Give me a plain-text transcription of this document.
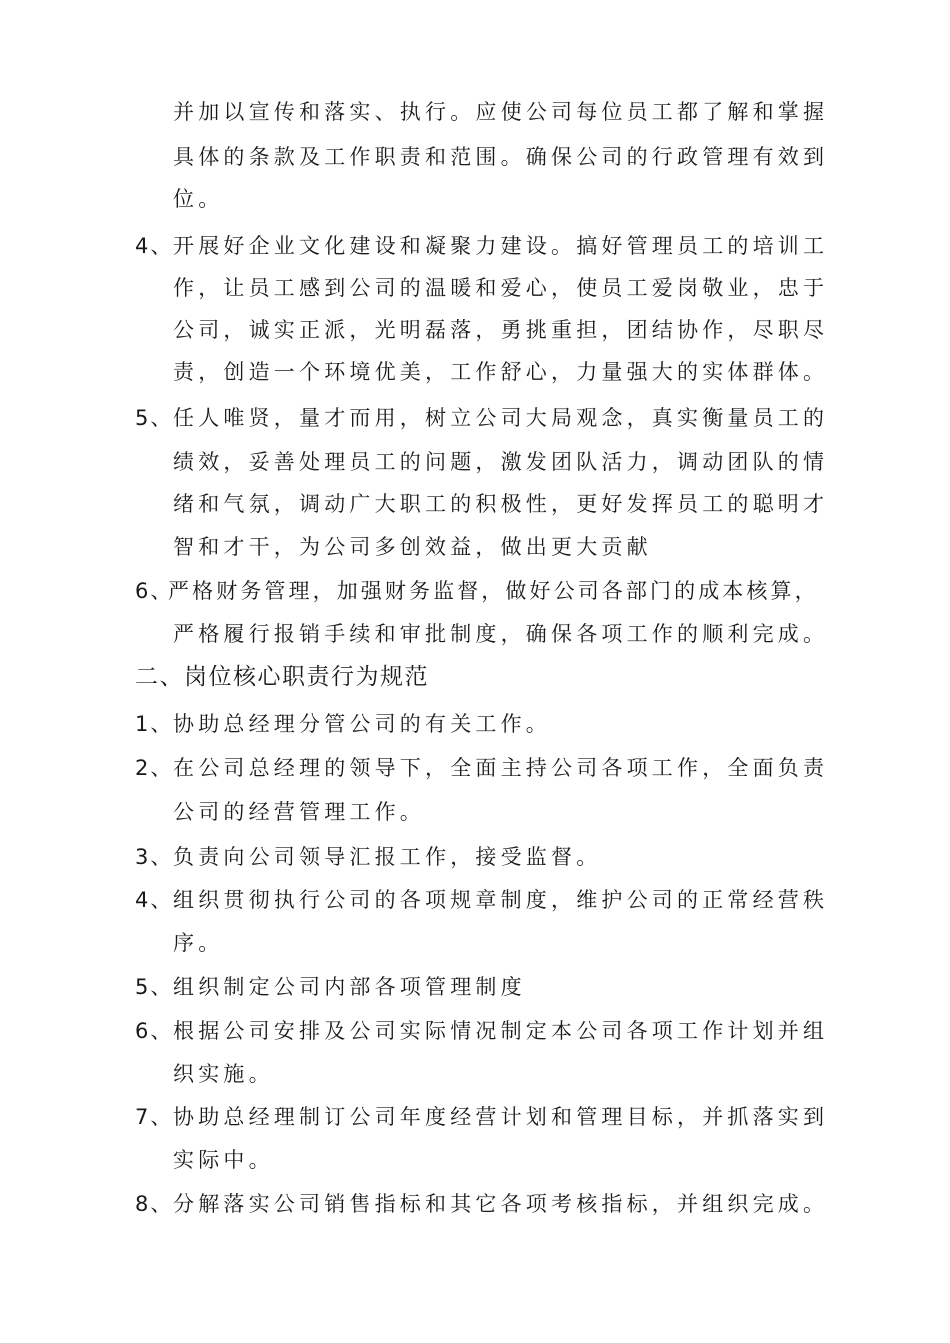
并加以宣传和落实、执行。应使公司每位员工都了解和掌握
具体的条款及工作职责和范围。确保公司的行政管理有效到
位。
4、 开展好企业文化建设和凝聚力建设。搞好管理员工的培训工
作，让员工感到公司的温暖和爱心，使员工爱岗敬业，忠于
公司，诚实正派，光明磊落，勇挑重担，团结协作，尽职尽
责，创造一个环境优美，工作舒心，力量强大的实体群体。
5、 任人唯贤，量才而用，树立公司大局观念，真实衡量员工的
绩效，妥善处理员工的问题，激发团队活力，调动团队的情
绪和气氛，调动广大职工的积极性，更好发挥员工的聪明才
智和才干，为公司多创效益，做出更大贡献
6、
严格财务管理，加强财务监督，做好公司各部门的成本核算，
严格履行报销手续和审批制度，确保各项工作的顺利完成。
二、岗位核心职责行为规范
1、 协助总经理分管公司的有关工作。
2、 在公司总经理的领导下，全面主持公司各项工作，全面负责
公司的经营管理工作。
3、 负责向公司领导汇报工作，接受监督。
4、 组织贯彻执行公司的各项规章制度，维护公司的正常经营秩
序。
5、 组织制定公司内部各项管理制度
6、 根据公司安排及公司实际情况制定本公司各项工作计划并组
织实施。
7、 协助总经理制订公司年度经营计划和管理目标，并抓落实到
实际中。
8、 分解落实公司销售指标和其它各项考核指标，并组织完成。
